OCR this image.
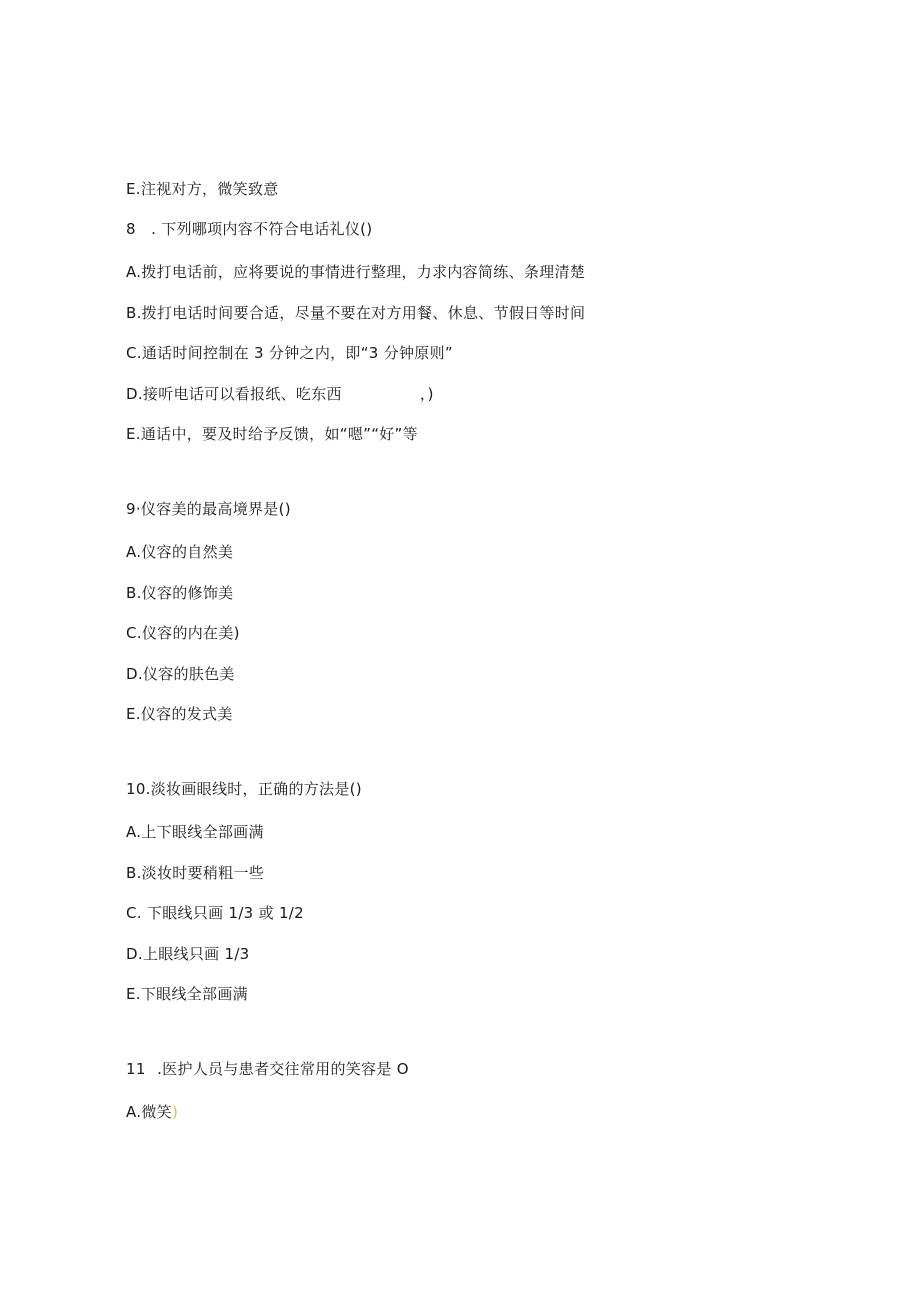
E.注视对方，微笑致意
8 . 下列哪项内容不符合电话礼仪()
A.拨打电话前，应将要说的事情进行整理，力求内容简练、条理清楚
B.拨打电话时间要合适，尽量不要在对方用餐、休息、节假日等时间
C.通话时间控制在 3 分钟之内，即“3 分钟原则”
D.接听电话可以看报纸、吃东西	，)
E.通话中，要及时给予反馈，如“嗯”“好”等
9·仪容美的最高境界是()
A.仪容的自然美
B.仪容的修饰美
C.仪容的内在美)
D.仪容的肤色美
E.仪容的发式美
10.淡妆画眼线时，正确的方法是()
A.上下眼线全部画满
B.淡妆时要稍粗一些
C. 下眼线只画 1/3 或 1/2
D.上眼线只画 1/3
E.下眼线全部画满
11 .医护人员与患者交往常用的笑容是 O
A.微笑)
